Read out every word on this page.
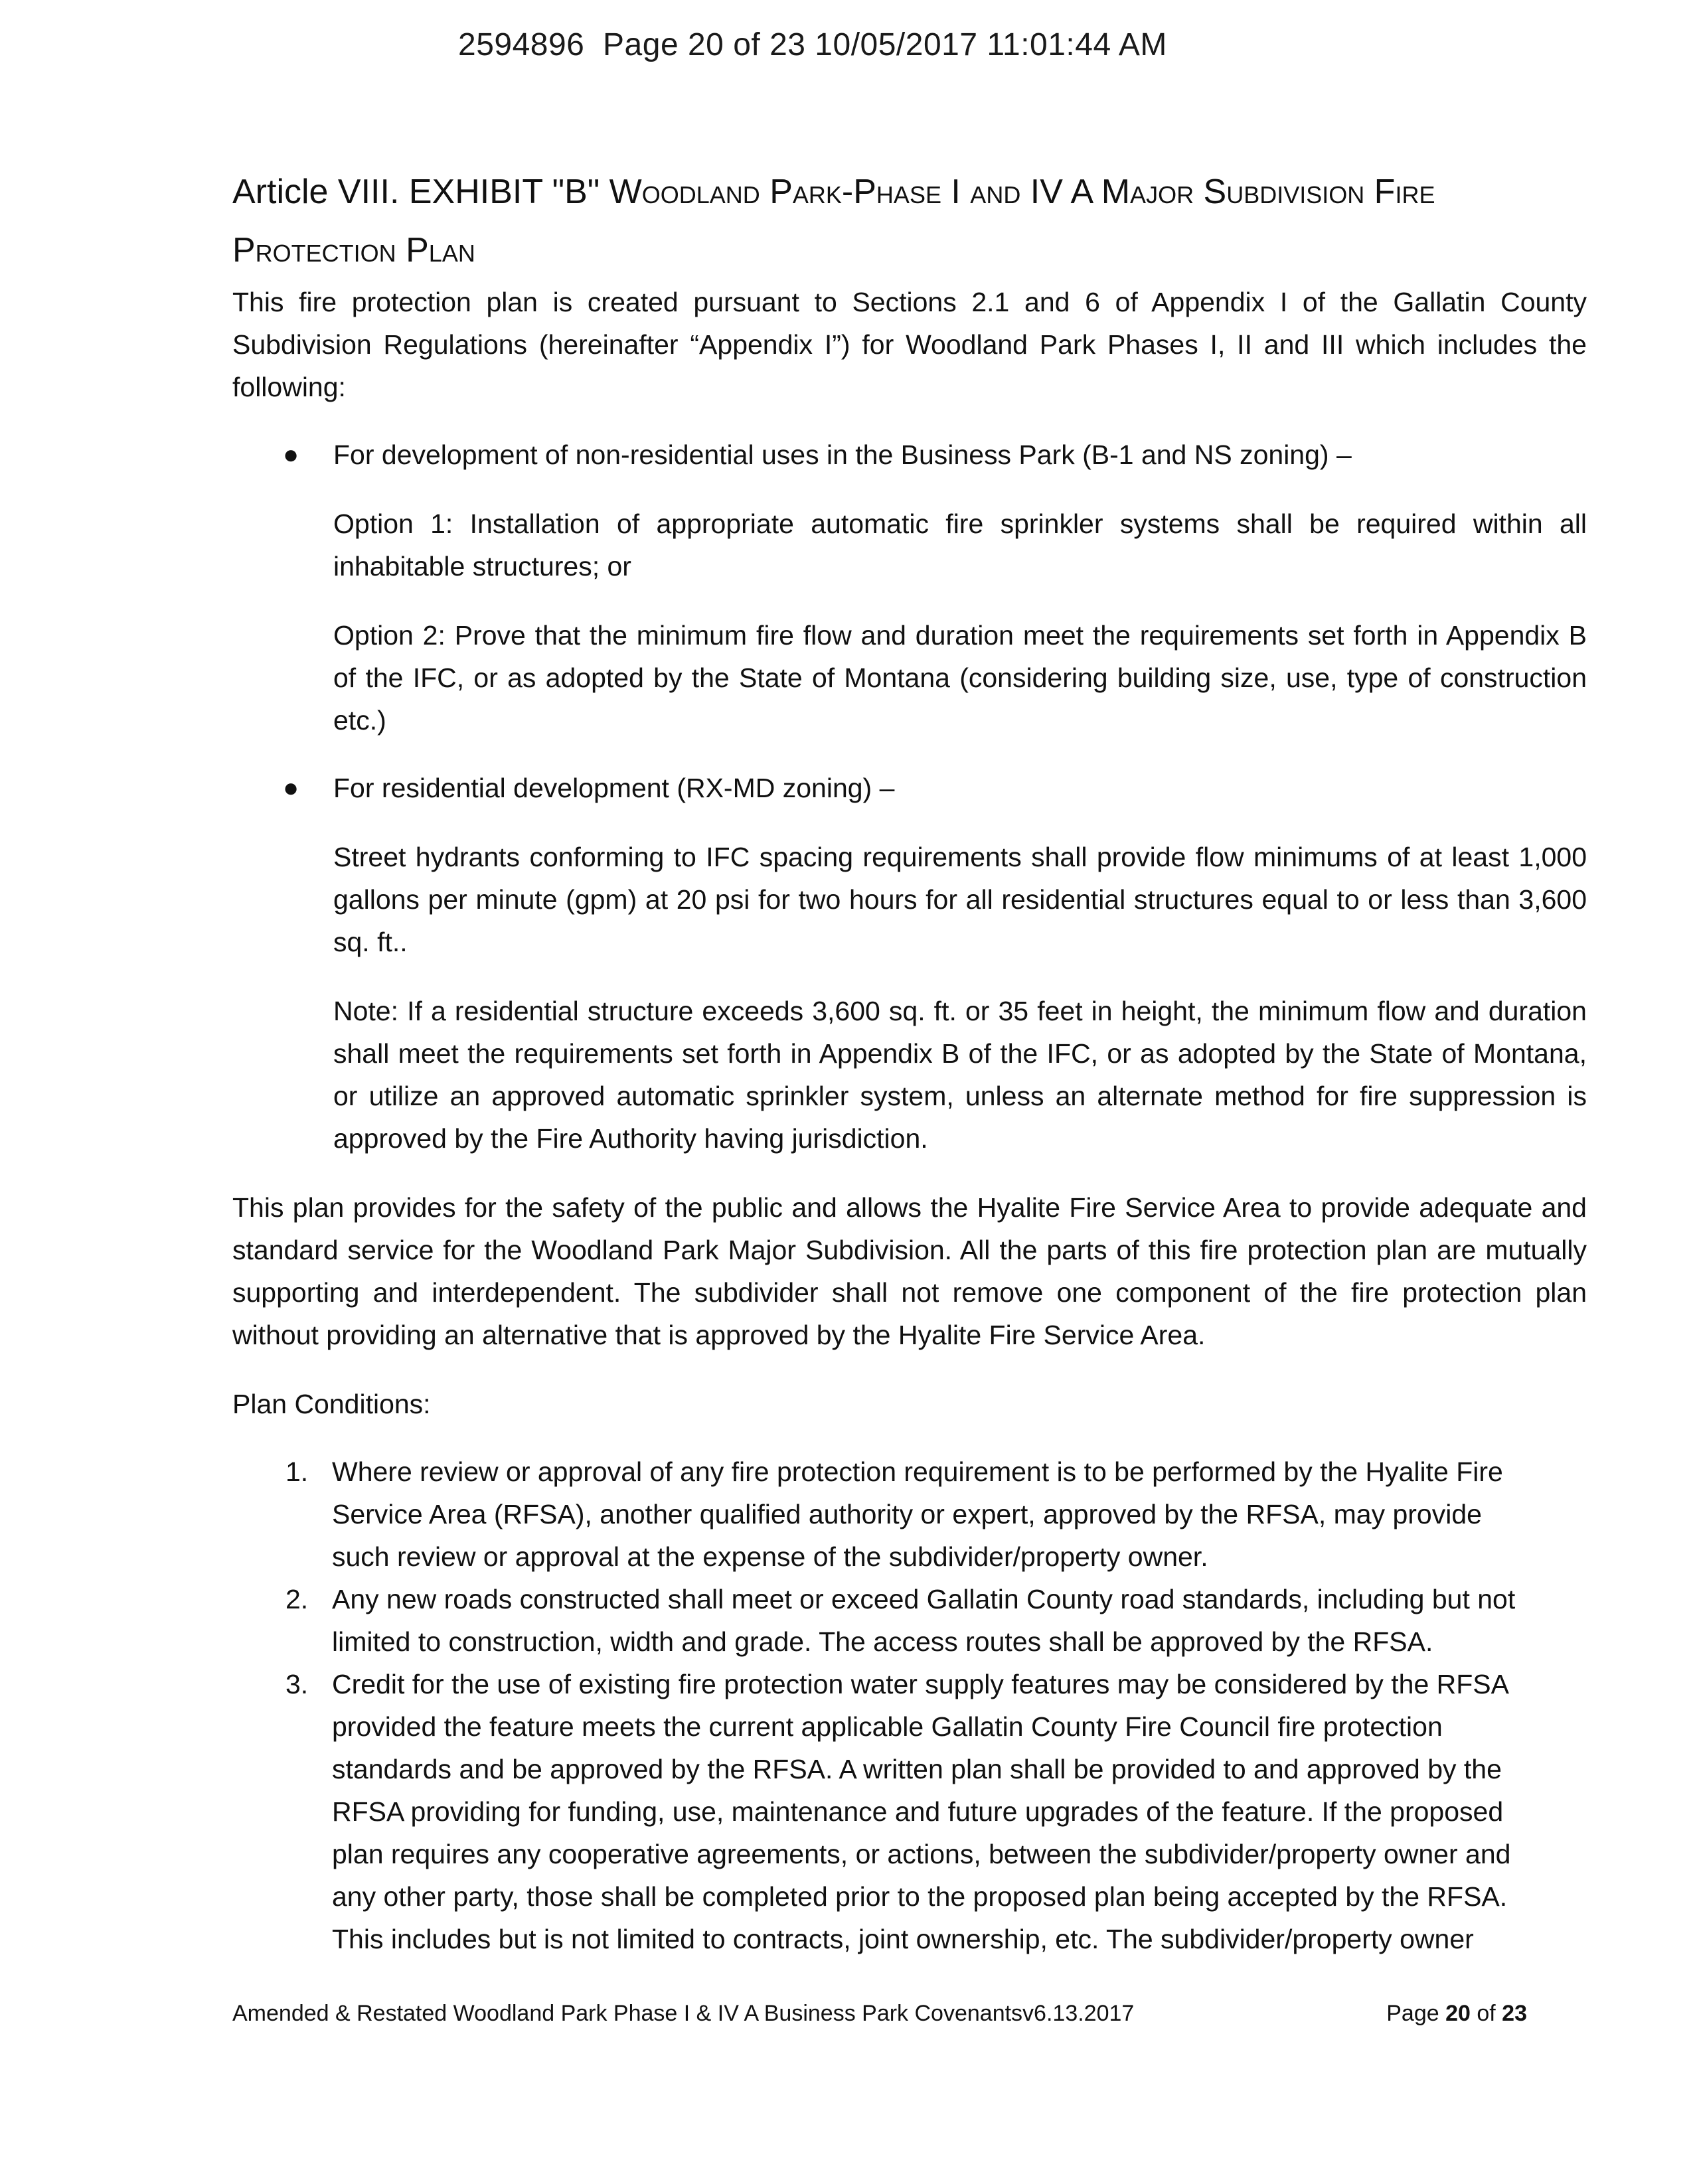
2594896  Page 20 of 23 10/05/2017 11:01:44 AM
Article VIII. EXHIBIT "B" Woodland Park-Phase I and IV A Major Subdivision Fire Protection Plan

This fire protection plan is created pursuant to Sections 2.1 and 6 of Appendix I of the Gallatin County Subdivision Regulations (hereinafter “Appendix I”) for Woodland Park Phases I, II and III which includes the following:

● For development of non-residential uses in the Business Park (B-1 and NS zoning) –

Option 1: Installation of appropriate automatic fire sprinkler systems shall be required within all inhabitable structures; or

Option 2: Prove that the minimum fire flow and duration meet the requirements set forth in Appendix B of the IFC, or as adopted by the State of Montana (considering building size, use, type of construction etc.)

● For residential development (RX-MD zoning) –

Street hydrants conforming to IFC spacing requirements shall provide flow minimums of at least 1,000 gallons per minute (gpm) at 20 psi for two hours for all residential structures equal to or less than 3,600 sq. ft..

Note: If a residential structure exceeds 3,600 sq. ft. or 35 feet in height, the minimum flow and duration shall meet the requirements set forth in Appendix B of the IFC, or as adopted by the State of Montana, or utilize an approved automatic sprinkler system, unless an alternate method for fire suppression is approved by the Fire Authority having jurisdiction.

This plan provides for the safety of the public and allows the Hyalite Fire Service Area to provide adequate and standard service for the Woodland Park Major Subdivision. All the parts of this fire protection plan are mutually supporting and interdependent. The subdivider shall not remove one component of the fire protection plan without providing an alternative that is approved by the Hyalite Fire Service Area.

Plan Conditions:

1. Where review or approval of any fire protection requirement is to be performed by the Hyalite Fire Service Area (RFSA), another qualified authority or expert, approved by the RFSA, may provide such review or approval at the expense of the subdivider/property owner.
2. Any new roads constructed shall meet or exceed Gallatin County road standards, including but not limited to construction, width and grade. The access routes shall be approved by the RFSA.
3. Credit for the use of existing fire protection water supply features may be considered by the RFSA provided the feature meets the current applicable Gallatin County Fire Council fire protection standards and be approved by the RFSA. A written plan shall be provided to and approved by the RFSA providing for funding, use, maintenance and future upgrades of the feature. If the proposed plan requires any cooperative agreements, or actions, between the subdivider/property owner and any other party, those shall be completed prior to the proposed plan being accepted by the RFSA. This includes but is not limited to contracts, joint ownership, etc. The subdivider/property owner
Amended & Restated Woodland Park Phase I & IV A Business Park Covenantsv6.13.2017	Page 20 of 23
